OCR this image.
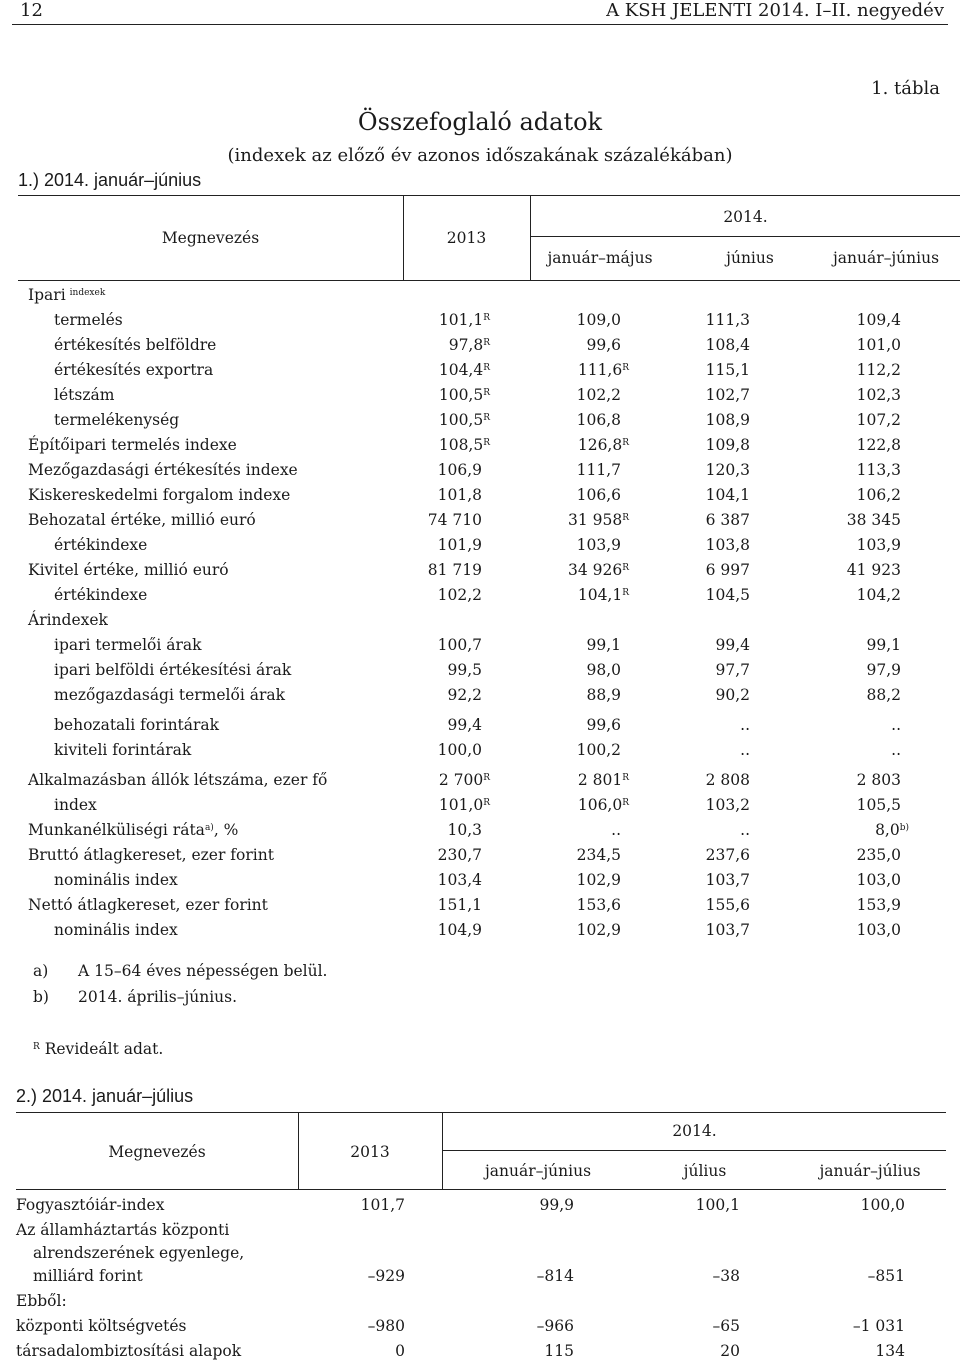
12	A KSH JELENTI 2014. I–II. negyedév
1. tábla
Összefoglaló adatok
(indexek az előző év azonos időszakának százalékában)
1.) 2014. január–június
Megnevezés	2013
2014.
január–május	június	január–június
Ipari $^{indexek}$
termelés	$101,1^R$	109,0	111,3	109,4
értékesítés belföldre	$97,8^R$	99,6	108,4	101,0
értékesítés exportra	$104,4^R$	$111,6^R$	115,1	112,2
létszám	$100,5^R$	102,2	102,7	102,3
termelékenység	$100,5^R$	106,8	108,9	107,2
Építőipari termelés indexe	$108,5^R$	$126,8^R$	109,8	122,8
Mezőgazdasági értékesítés indexe	106,9	111,7	120,3	113,3
Kiskereskedelmi forgalom indexe	101,8	106,6	104,1	106,2
Behozatal értéke, millió euró	74 710	31 $958^R$	6 387	38 345
értékindexe	101,9	103,9	103,8	103,9
Kivitel értéke, millió euró	81 719	34 $926^R$	6 997	41 923
értékindexe	102,2	$104,1^R$	104,5	104,2
Árindexek
ipari termelői árak	100,7	99,1	99,4	99,1
ipari belföldi értékesítési árak	99,5	98,0	97,7	97,9
mezőgazdasági termelői árak	92,2	88,9	90,2	88,2
behozatali forintárak	99,4	99,6	..	..
kiviteli forintárak	100,0	100,2	..	..
Alkalmazásban állók létszáma, ezer fő	2 $700^R$	2 $801^R$	2 808	2 803
index	$101,0^R$	$106,0^R$	103,2	105,5
Munkanélküliségi ráta$^{a)}$, %	10,3	..	..	8,0$^{b)}$
Bruttó átlagkereset, ezer forint	230,7	234,5	237,6	235,0
nominális index	103,4	102,9	103,7	103,0
Nettó átlagkereset, ezer forint	151,1	153,6	155,6	153,9
nominális index	104,9	102,9	103,7	103,0
a) A 15–64 éves népességen belül.
b) 2014. április–június.
$^R$ Revideált adat.
2.) 2014. január–július
Megnevezés	2013
2014.
január–június	július	január–július
Fogyasztóiár-index	101,7	99,9	100,1	100,0
Az államháztartás központi
alrendszerének egyenlege,
milliárd forint	–929	–814	–38	–851
Ebből:
központi költségvetés	–980	–966	–65	–1 031
társadalombiztosítási alapok	0	115	20	134
